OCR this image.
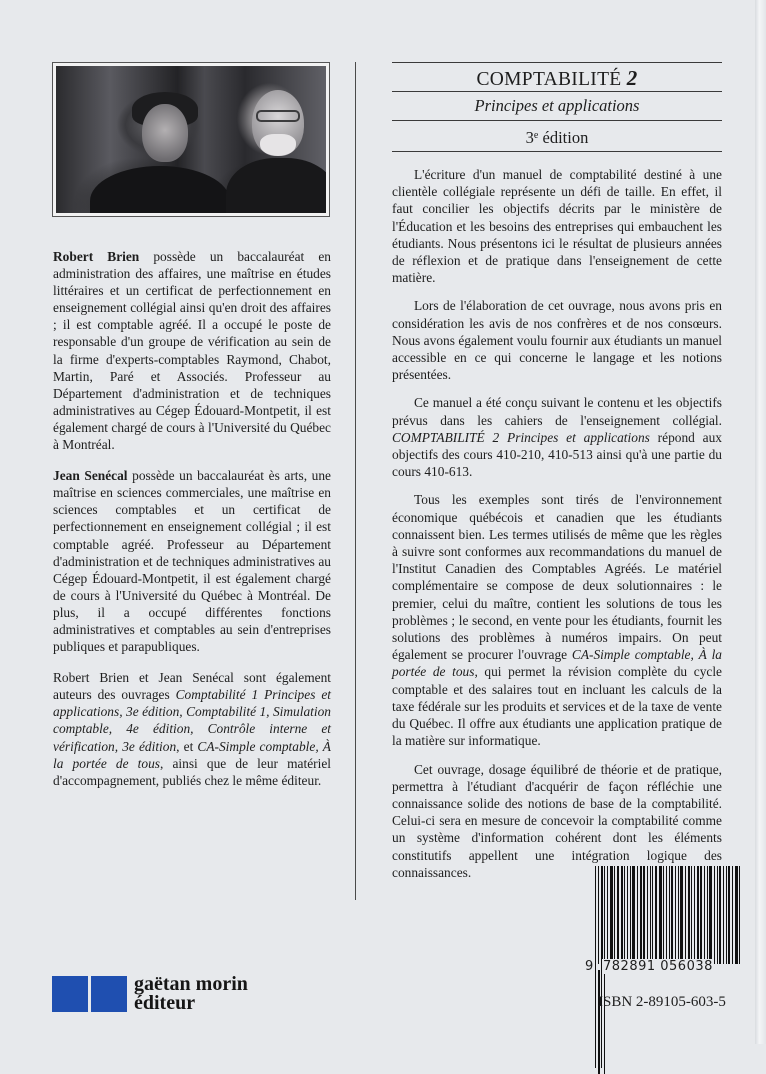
Robert Brien possède un baccalauréat en administration des affaires, une maîtrise en études littéraires et un certificat de perfectionnement en enseignement collégial ainsi qu'en droit des affaires ; il est comptable agréé. Il a occupé le poste de responsable d'un groupe de vérification au sein de la firme d'experts-comptables Raymond, Chabot, Martin, Paré et Associés. Professeur au Département d'administration et de techniques administratives au Cégep Édouard-Montpetit, il est également chargé de cours à l'Université du Québec à Montréal.

Jean Senécal possède un baccalauréat ès arts, une maîtrise en sciences commerciales, une maîtrise en sciences comptables et un certificat de perfectionnement en enseignement collégial ; il est comptable agréé. Professeur au Département d'administration et de techniques administratives au Cégep Édouard-Montpetit, il est également chargé de cours à l'Université du Québec à Montréal. De plus, il a occupé différentes fonctions administratives et comptables au sein d'entreprises publiques et parapubliques.

Robert Brien et Jean Senécal sont également auteurs des ouvrages Comptabilité 1 Principes et applications, 3e édition, Comptabilité 1, Simulation comptable, 4e édition, Contrôle interne et vérification, 3e édition, et CA-Simple comptable, À la portée de tous, ainsi que de leur matériel d'accompagnement, publiés chez le même éditeur.

COMPTABILITÉ 2
Principes et applications
3e édition

L'écriture d'un manuel de comptabilité destiné à une clientèle collégiale représente un défi de taille. En effet, il faut concilier les objectifs décrits par le ministère de l'Éducation et les besoins des entreprises qui embauchent les étudiants. Nous présentons ici le résultat de plusieurs années de réflexion et de pratique dans l'enseignement de cette matière.

Lors de l'élaboration de cet ouvrage, nous avons pris en considération les avis de nos confrères et de nos consœurs. Nous avons également voulu fournir aux étudiants un manuel accessible en ce qui concerne le langage et les notions présentées.

Ce manuel a été conçu suivant le contenu et les objectifs prévus dans les cahiers de l'enseignement collégial. COMPTABILITÉ 2 Principes et applications répond aux objectifs des cours 410-210, 410-513 ainsi qu'à une partie du cours 410-613.

Tous les exemples sont tirés de l'environnement économique québécois et canadien que les étudiants connaissent bien. Les termes utilisés de même que les règles à suivre sont conformes aux recommandations du manuel de l'Institut Canadien des Comptables Agréés. Le matériel complémentaire se compose de deux solutionnaires : le premier, celui du maître, contient les solutions de tous les problèmes ; le second, en vente pour les étudiants, fournit les solutions des problèmes à numéros impairs. On peut également se procurer l'ouvrage CA-Simple comptable, À la portée de tous, qui permet la révision complète du cycle comptable et des salaires tout en incluant les calculs de la taxe fédérale sur les produits et services et de la taxe de vente du Québec. Il offre aux étudiants une application pratique de la matière sur informatique.

Cet ouvrage, dosage équilibré de théorie et de pratique, permettra à l'étudiant d'acquérir de façon réfléchie une connaissance solide des notions de base de la comptabilité. Celui-ci sera en mesure de concevoir la comptabilité comme un système d'information cohérent dont les éléments constitutifs appellent une intégration logique des connaissances.

9 782891 056038
ISBN 2-89105-603-5
gaëtan morin
éditeur
